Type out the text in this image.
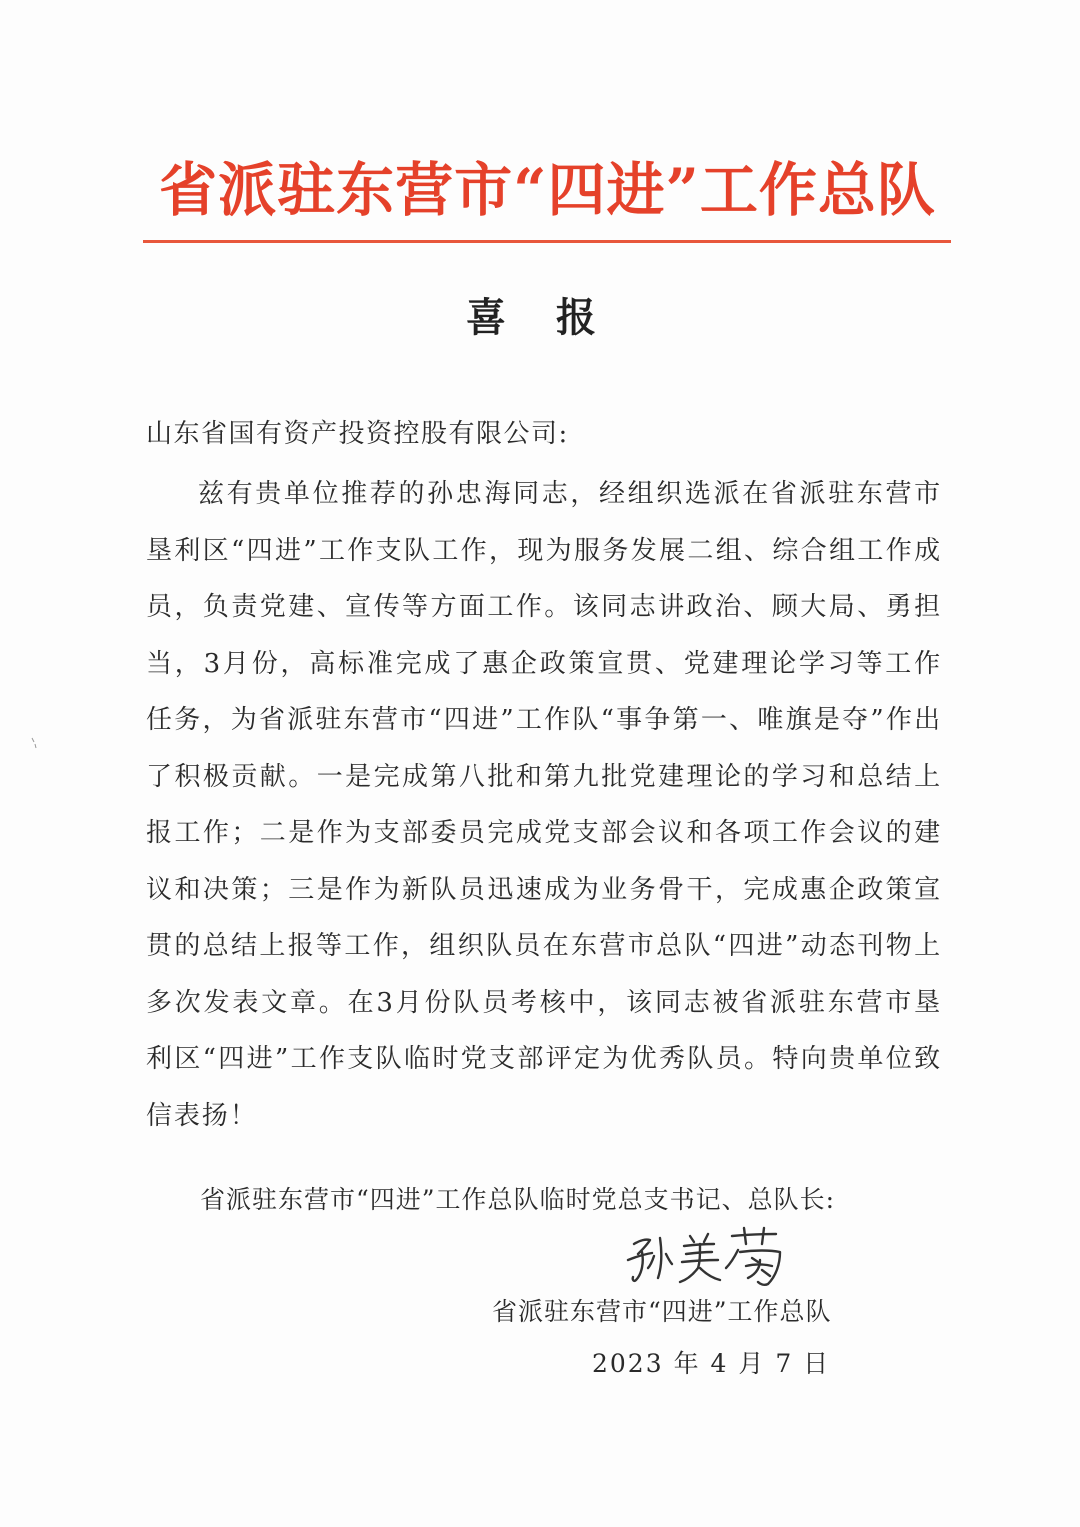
省派驻东营市“四进”工作总队
喜 报
山东省国有资产投资控股有限公司:
兹有贵单位推荐的孙忠海同志，经组织选派在省派驻东营市垦利区“四进”工作支队工作，现为服务发展二组、综合组工作成员，负责党建、宣传等方面工作。该同志讲政治、顾大局、勇担当，3月份，高标准完成了惠企政策宣贯、党建理论学习等工作任务，为省派驻东营市“四进”工作队“事争第一、唯旗是夺”作出了积极贡献。一是完成第八批和第九批党建理论的学习和总结上报工作；二是作为支部委员完成党支部会议和各项工作会议的建议和决策；三是作为新队员迅速成为业务骨干，完成惠企政策宣贯的总结上报等工作，组织队员在东营市总队“四进”动态刊物上多次发表文章。在3月份队员考核中，该同志被省派驻东营市垦利区“四进”工作支队临时党支部评定为优秀队员。特向贵单位致信表扬！
省派驻东营市“四进”工作总队临时党总支书记、总队长:
省派驻东营市“四进”工作总队
2023 年 4 月 7 日
